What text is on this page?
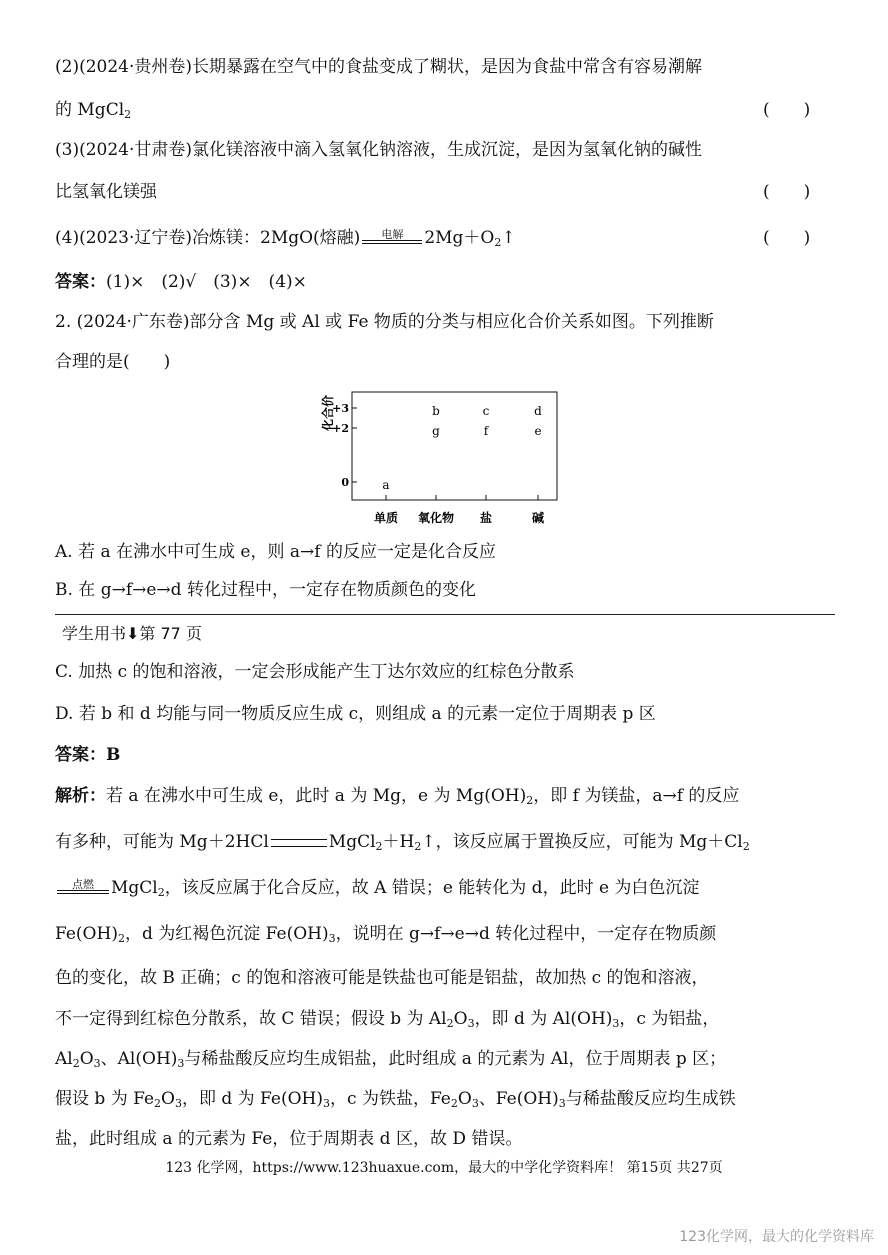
(2)(2024·贵州卷)长期暴露在空气中的食盐变成了糊状，是因为食盐中常含有容易潮解
的 MgCl$_2$	(　　)
(3)(2024·甘肃卷)氯化镁溶液中滴入氢氧化钠溶液，生成沉淀，是因为氢氧化钠的碱性
比氢氧化镁强	(　　)
(4)(2023·辽宁卷)冶炼镁：2MgO(熔融)	电解	$2Mg+O_2↑$	(　　)
答案：(1)×　(2)√　(3)×　(4)×
2. (2024·广东卷)部分含 Mg 或 Al 或 Fe 物质的分类与相应化合价关系如图。下列推断
合理的是(　　)
化合价
+3
+2
0
单质 氧化物 盐	碱
a
b
g
c
f
d
e
A. 若 a 在沸水中可生成 e，则 a→f 的反应一定是化合反应
B. 在 g→f→e→d 转化过程中，一定存在物质颜色的变化
学生用书⬇第 77 页
C. 加热 c 的饱和溶液，一定会形成能产生丁达尔效应的红棕色分散系
D. 若 b 和 d 均能与同一物质反应生成 c，则组成 a 的元素一定位于周期表 p 区
答案：B
解析：若 a 在沸水中可生成 e，此时 a 为 Mg，e 为 $Mg(OH)_2$，即 f 为镁盐，a→f 的反应
有多种，可能为 Mg＋2HCl	$MgCl_2+H_2↑$，该反应属于置换反应，可能为 $Mg+Cl_2$
点燃	MgCl$_2$，该反应属于化合反应，故 A 错误；e 能转化为 d，此时 e 为白色沉淀
$Fe(OH)_2$，d 为红褐色沉淀 $Fe(OH)_3$，说明在 g→f→e→d 转化过程中，一定存在物质颜
色的变化，故 B 正确；c 的饱和溶液可能是铁盐也可能是铝盐，故加热 c 的饱和溶液，
不一定得到红棕色分散系，故 C 错误；假设 b 为 $Al_2O_3$，即 d 为 $Al(OH)_3$，c 为铝盐，
$Al_2O_3$、$Al(OH)_3$与稀盐酸反应均生成铝盐，此时组成 a 的元素为 Al，位于周期表 p 区；
假设 b 为 $Fe_2O_3$，即 d 为 $Fe(OH)_3$，c 为铁盐，$Fe_2O_3$、$Fe(OH)_3$与稀盐酸反应均生成铁
盐，此时组成 a 的元素为 Fe，位于周期表 d 区，故 D 错误。
123 化学网，https://www.123huaxue.com，最大的中学化学资料库！ 第15页 共27页
123化学网，最大的化学资料库
